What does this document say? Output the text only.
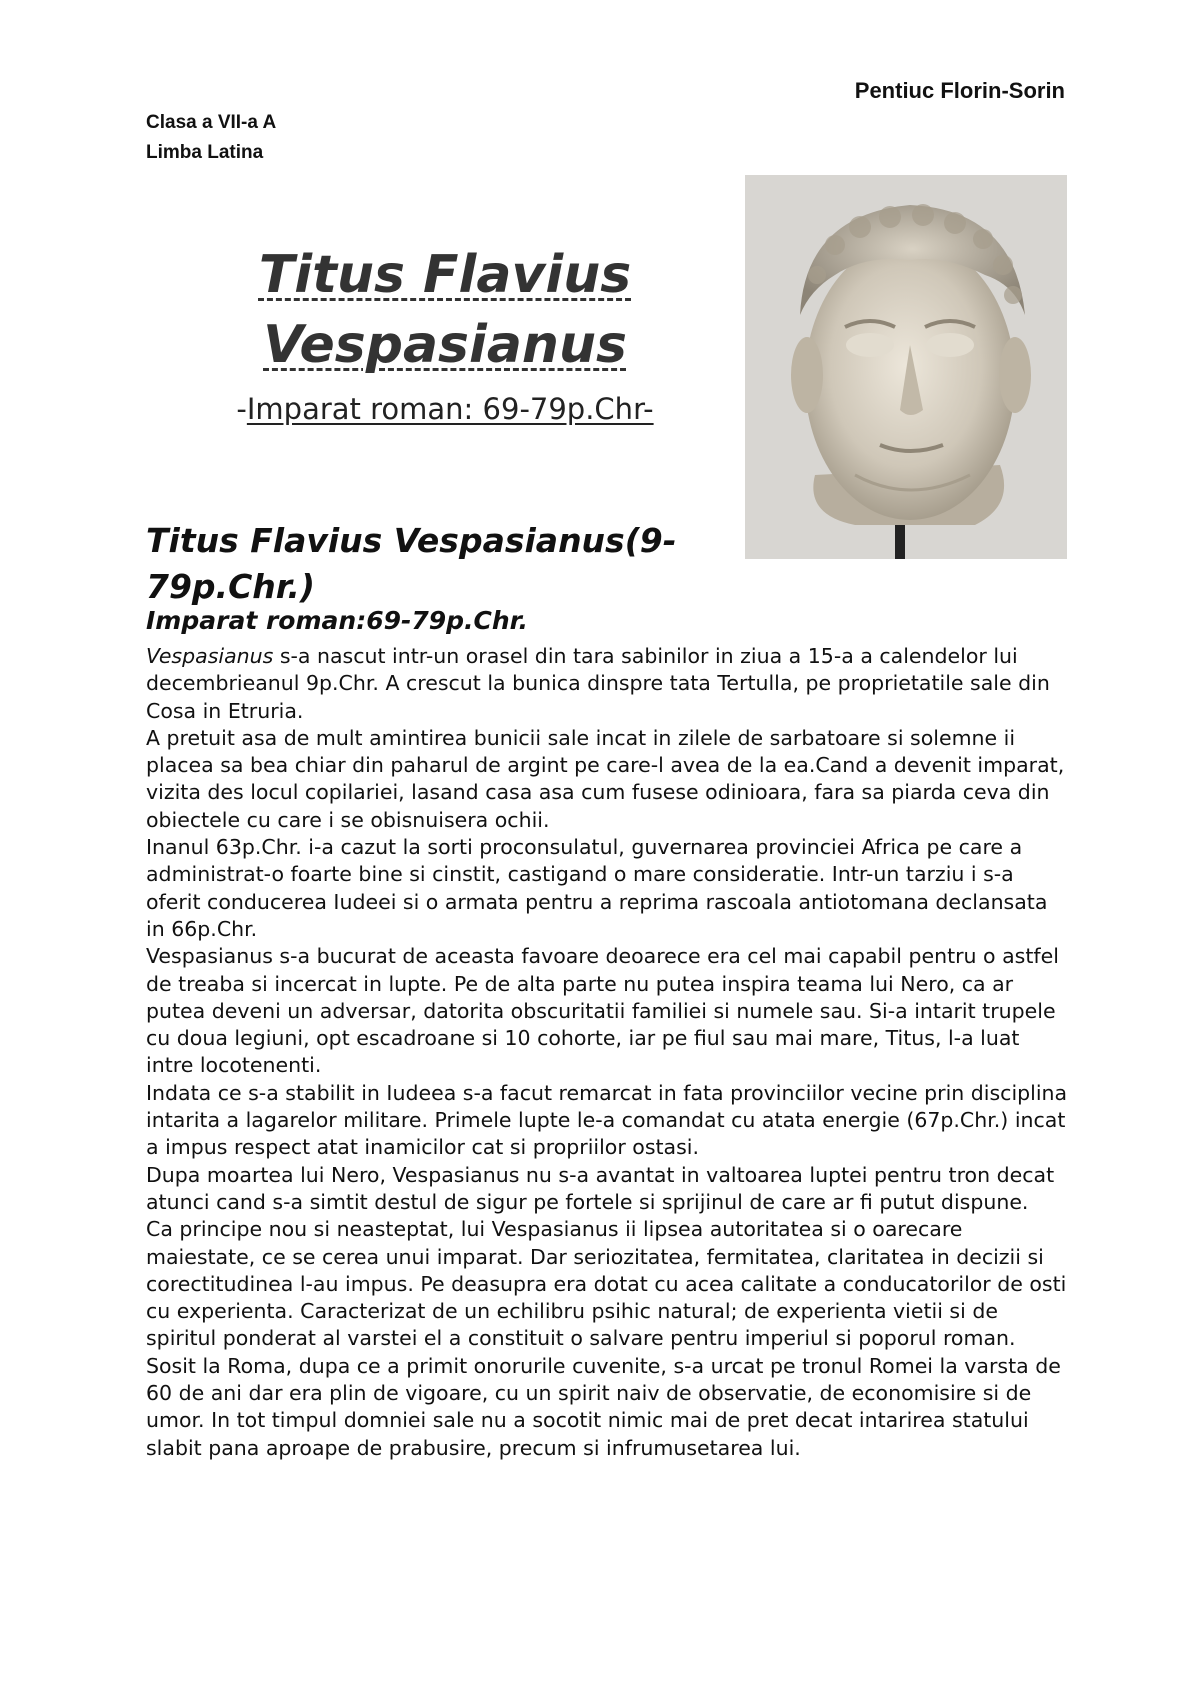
Pentiuc Florin-Sorin
Clasa a VII-a A
Limba Latina
Titus Flavius
Vespasianus
-Imparat roman: 69-79p.Chr-
Titus Flavius Vespasianus(9-79p.Chr.)
Imparat roman:69-79p.Chr.

Vespasianus s-a nascut intr-un orasel din tara sabinilor in ziua a 15-a a calendelor lui decembrieanul 9p.Chr. A crescut la bunica dinspre tata Tertulla, pe proprietatile sale din Cosa in Etruria.

A pretuit asa de mult amintirea bunicii sale incat in zilele de sarbatoare si solemne ii placea sa bea chiar din paharul de argint pe care-l avea de la ea.Cand a devenit imparat, vizita des locul copilariei, lasand casa asa cum fusese odinioara, fara sa piarda ceva din obiectele cu care i se obisnuisera ochii.

Inanul 63p.Chr. i-a cazut la sorti proconsulatul, guvernarea provinciei Africa pe care a administrat-o foarte bine si cinstit, castigand o mare consideratie. Intr-un tarziu i s-a oferit conducerea Iudeei si o armata pentru a reprima rascoala antiotomana declansata in 66p.Chr.

Vespasianus s-a bucurat de aceasta favoare deoarece era cel mai capabil pentru o astfel de treaba si incercat in lupte. Pe de alta parte nu putea inspira teama lui Nero, ca ar putea deveni un adversar, datorita obscuritatii familiei si numele sau. Si-a intarit trupele cu doua legiuni, opt escadroane si 10 cohorte, iar pe fiul sau mai mare, Titus, l-a luat intre locotenenti.

Indata ce s-a stabilit in Iudeea s-a facut remarcat in fata provinciilor vecine prin disciplina intarita a lagarelor militare. Primele lupte le-a comandat cu atata energie (67p.Chr.) incat a impus respect atat inamicilor cat si propriilor ostasi.

Dupa moartea lui Nero, Vespasianus nu s-a avantat in valtoarea luptei pentru tron decat atunci cand s-a simtit destul de sigur pe fortele si sprijinul de care ar fi putut dispune.

Ca principe nou si neasteptat, lui Vespasianus ii lipsea autoritatea si o oarecare maiestate, ce se cerea unui imparat. Dar seriozitatea, fermitatea, claritatea in decizii si corectitudinea l-au impus. Pe deasupra era dotat cu acea calitate a conducatorilor de osti cu experienta. Caracterizat de un echilibru psihic natural; de experienta vietii si de spiritul ponderat al varstei el a constituit o salvare pentru imperiul si poporul roman.

Sosit la Roma, dupa ce a primit onorurile cuvenite, s-a urcat pe tronul Romei la varsta de 60 de ani dar era plin de vigoare, cu un spirit naiv de observatie, de economisire si de umor. In tot timpul domniei sale nu a socotit nimic mai de pret decat intarirea statului slabit pana aproape de prabusire, precum si infrumusetarea lui.
